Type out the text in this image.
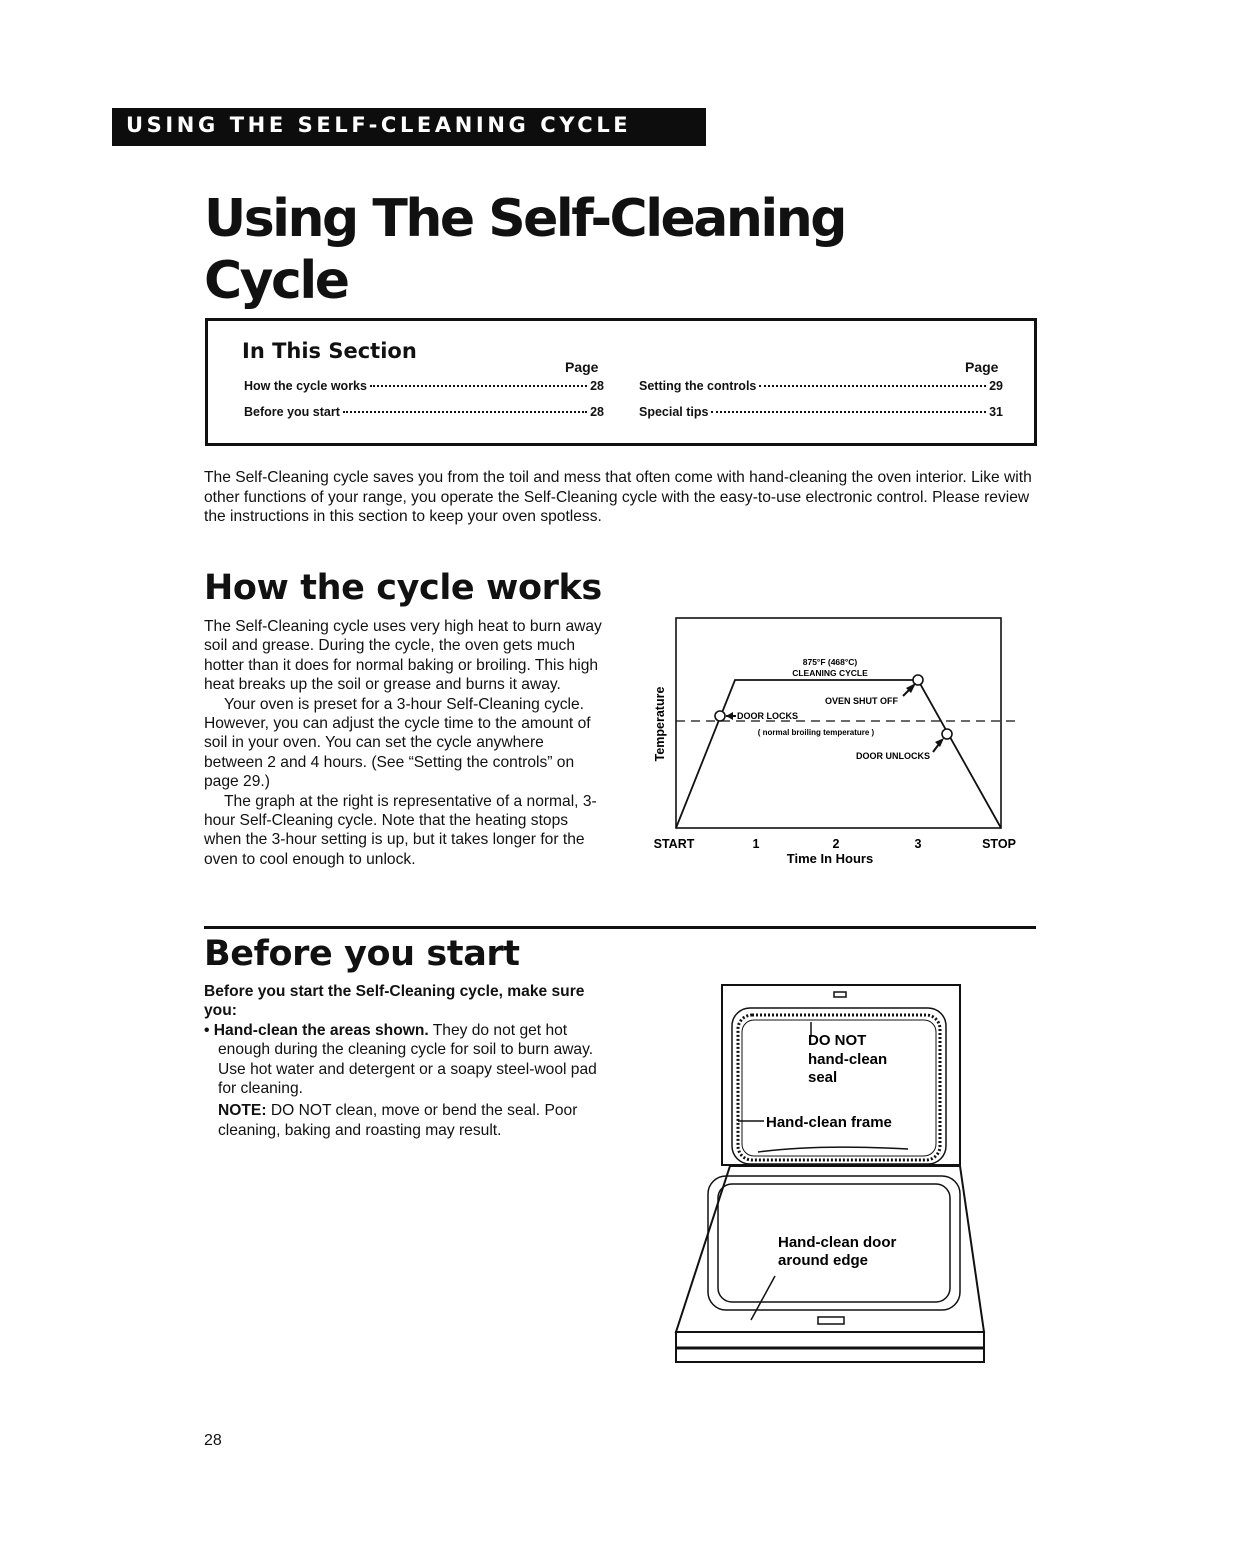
USING THE SELF-CLEANING CYCLE
Using The Self-Cleaning
Cycle
In This Section
Page	Page
How the cycle works	28
Before you start	28
Setting the controls	29
Special tips	31

The Self-Cleaning cycle saves you from the toil and mess that often come with hand-cleaning the oven interior. Like with other functions of your range, you operate the Self-Cleaning cycle with the easy-to-use electronic control. Please review the instructions in this section to keep your oven spotless.

How the cycle works

The Self-Cleaning cycle uses very high heat to burn away soil and grease. During the cycle, the oven gets much hotter than it does for normal baking or broiling. This high heat breaks up the soil or grease and burns it away.

Your oven is preset for a 3-hour Self-Cleaning cycle. However, you can adjust the cycle time to the amount of soil in your oven. You can set the cycle anywhere between 2 and 4 hours. (See “Setting the controls” on page 29.)

The graph at the right is representative of a normal, 3-hour Self-Cleaning cycle. Note that the heating stops when the 3-hour setting is up, but it takes longer for the oven to cool enough to unlock.

875°F (468°C)
CLEANING CYCLE
OVEN SHUT OFF
DOOR LOCKS
( normal broiling temperature )
DOOR UNLOCKS
Temperature
START	1	2	3	STOP
Time In Hours
Before you start

Before you start the Self-Cleaning cycle, make sure you:

• Hand-clean the areas shown. They do not get hot enough during the cleaning cycle for soil to burn away. Use hot water and detergent or a soapy steel-wool pad for cleaning.

NOTE: DO NOT clean, move or bend the seal. Poor cleaning, baking and roasting may result.

DO NOT
hand-clean
seal
Hand-clean frame
Hand-clean door
around edge
28
